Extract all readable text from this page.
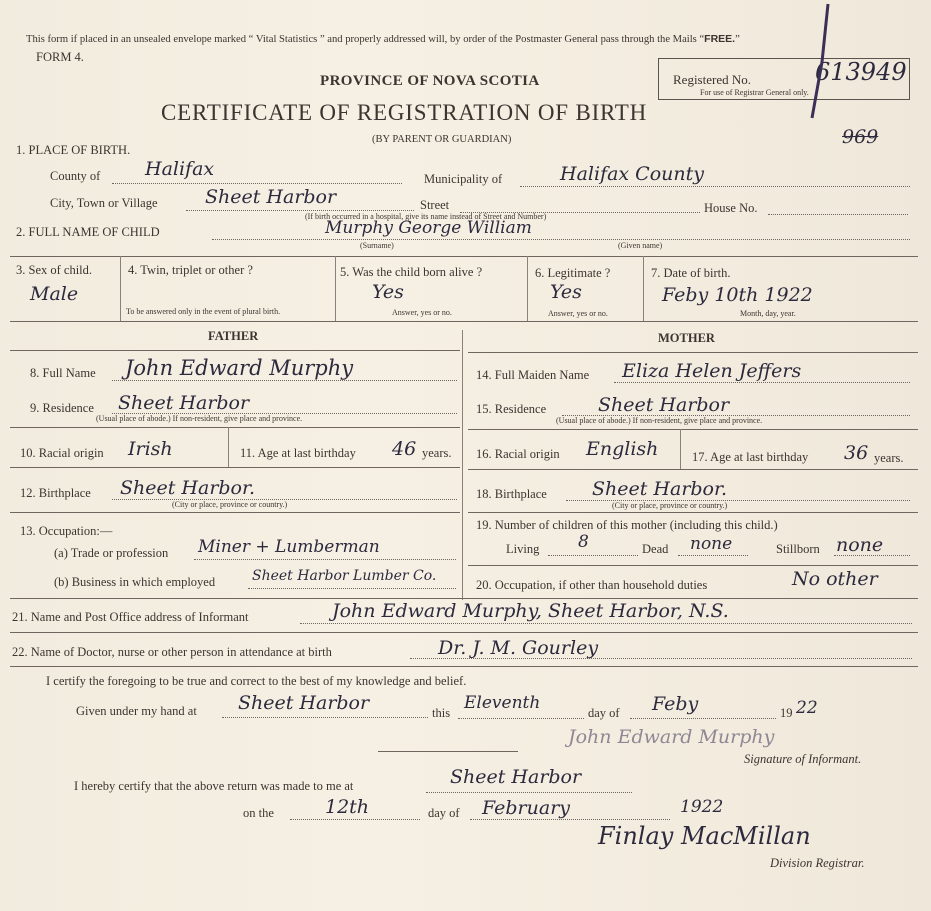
This form if placed in an unsealed envelope marked “ Vital Statistics ” and properly addressed will, by order of the Postmaster General pass through the Mails “FREE.”
FORM 4.
PROVINCE OF NOVA SCOTIA
CERTIFICATE OF REGISTRATION OF BIRTH
(BY PARENT OR GUARDIAN)
Registered No.	613949
For use of Registrar General only.
969
1. PLACE OF BIRTH.
County of Halifax	Municipality of	Halifax County
City, Town or Village Sheet Harbor	Street	House No.
(If birth occurred in a hospital, give its name instead of Street and Number)
2. FULL NAME OF CHILD	Murphy George William
(Surname)	(Given name)
3. Sex of child.
Male
4. Twin, triplet or other ?
To be answered only in the event of plural birth.
5. Was the child born alive ?
Yes
Answer, yes or no.
6. Legitimate ?
Yes
Answer, yes or no.
7. Date of birth.
Feby 10th 1922
Month, day, year.
FATHER	MOTHER
8. Full Name John Edward Murphy
9. Residence Sheet Harbor
(Usual place of abode.) If non-resident, give place and province.
10. Racial origin Irish	11. Age at last birthday 46 years.
12. Birthplace Sheet Harbor.
(City or place, province or country.)
13. Occupation:—
(a) Trade or profession Miner + Lumberman
(b) Business in which employed	Sheet Harbor Lumber Co.
14. Full Maiden Name Eliza Helen Jeffers
15. Residence	Sheet Harbor
(Usual place of abode.) If non-resident, give place and province.
16. Racial origin English	17. Age at last birthday 36 years.
18. Birthplace Sheet Harbor.
(City or place, province or country.)
19. Number of children of this mother (including this child.)
Living 8	Dead none	Stillborn none
20. Occupation, if other than household duties	No other
21. Name and Post Office address of Informant	John Edward Murphy, Sheet Harbor, N.S.
22. Name of Doctor, nurse or other person in attendance at birth	Dr. J. M. Gourley
I certify the foregoing to be true and correct to the best of my knowledge and belief.
Given under my hand at Sheet Harbor	this Eleventh	day of Feby	19 22
John Edward Murphy
Signature of Informant.
I hereby certify that the above return was made to me at	Sheet Harbor
on the	12th	day of February	1922
Finlay MacMillan
Division Registrar.
